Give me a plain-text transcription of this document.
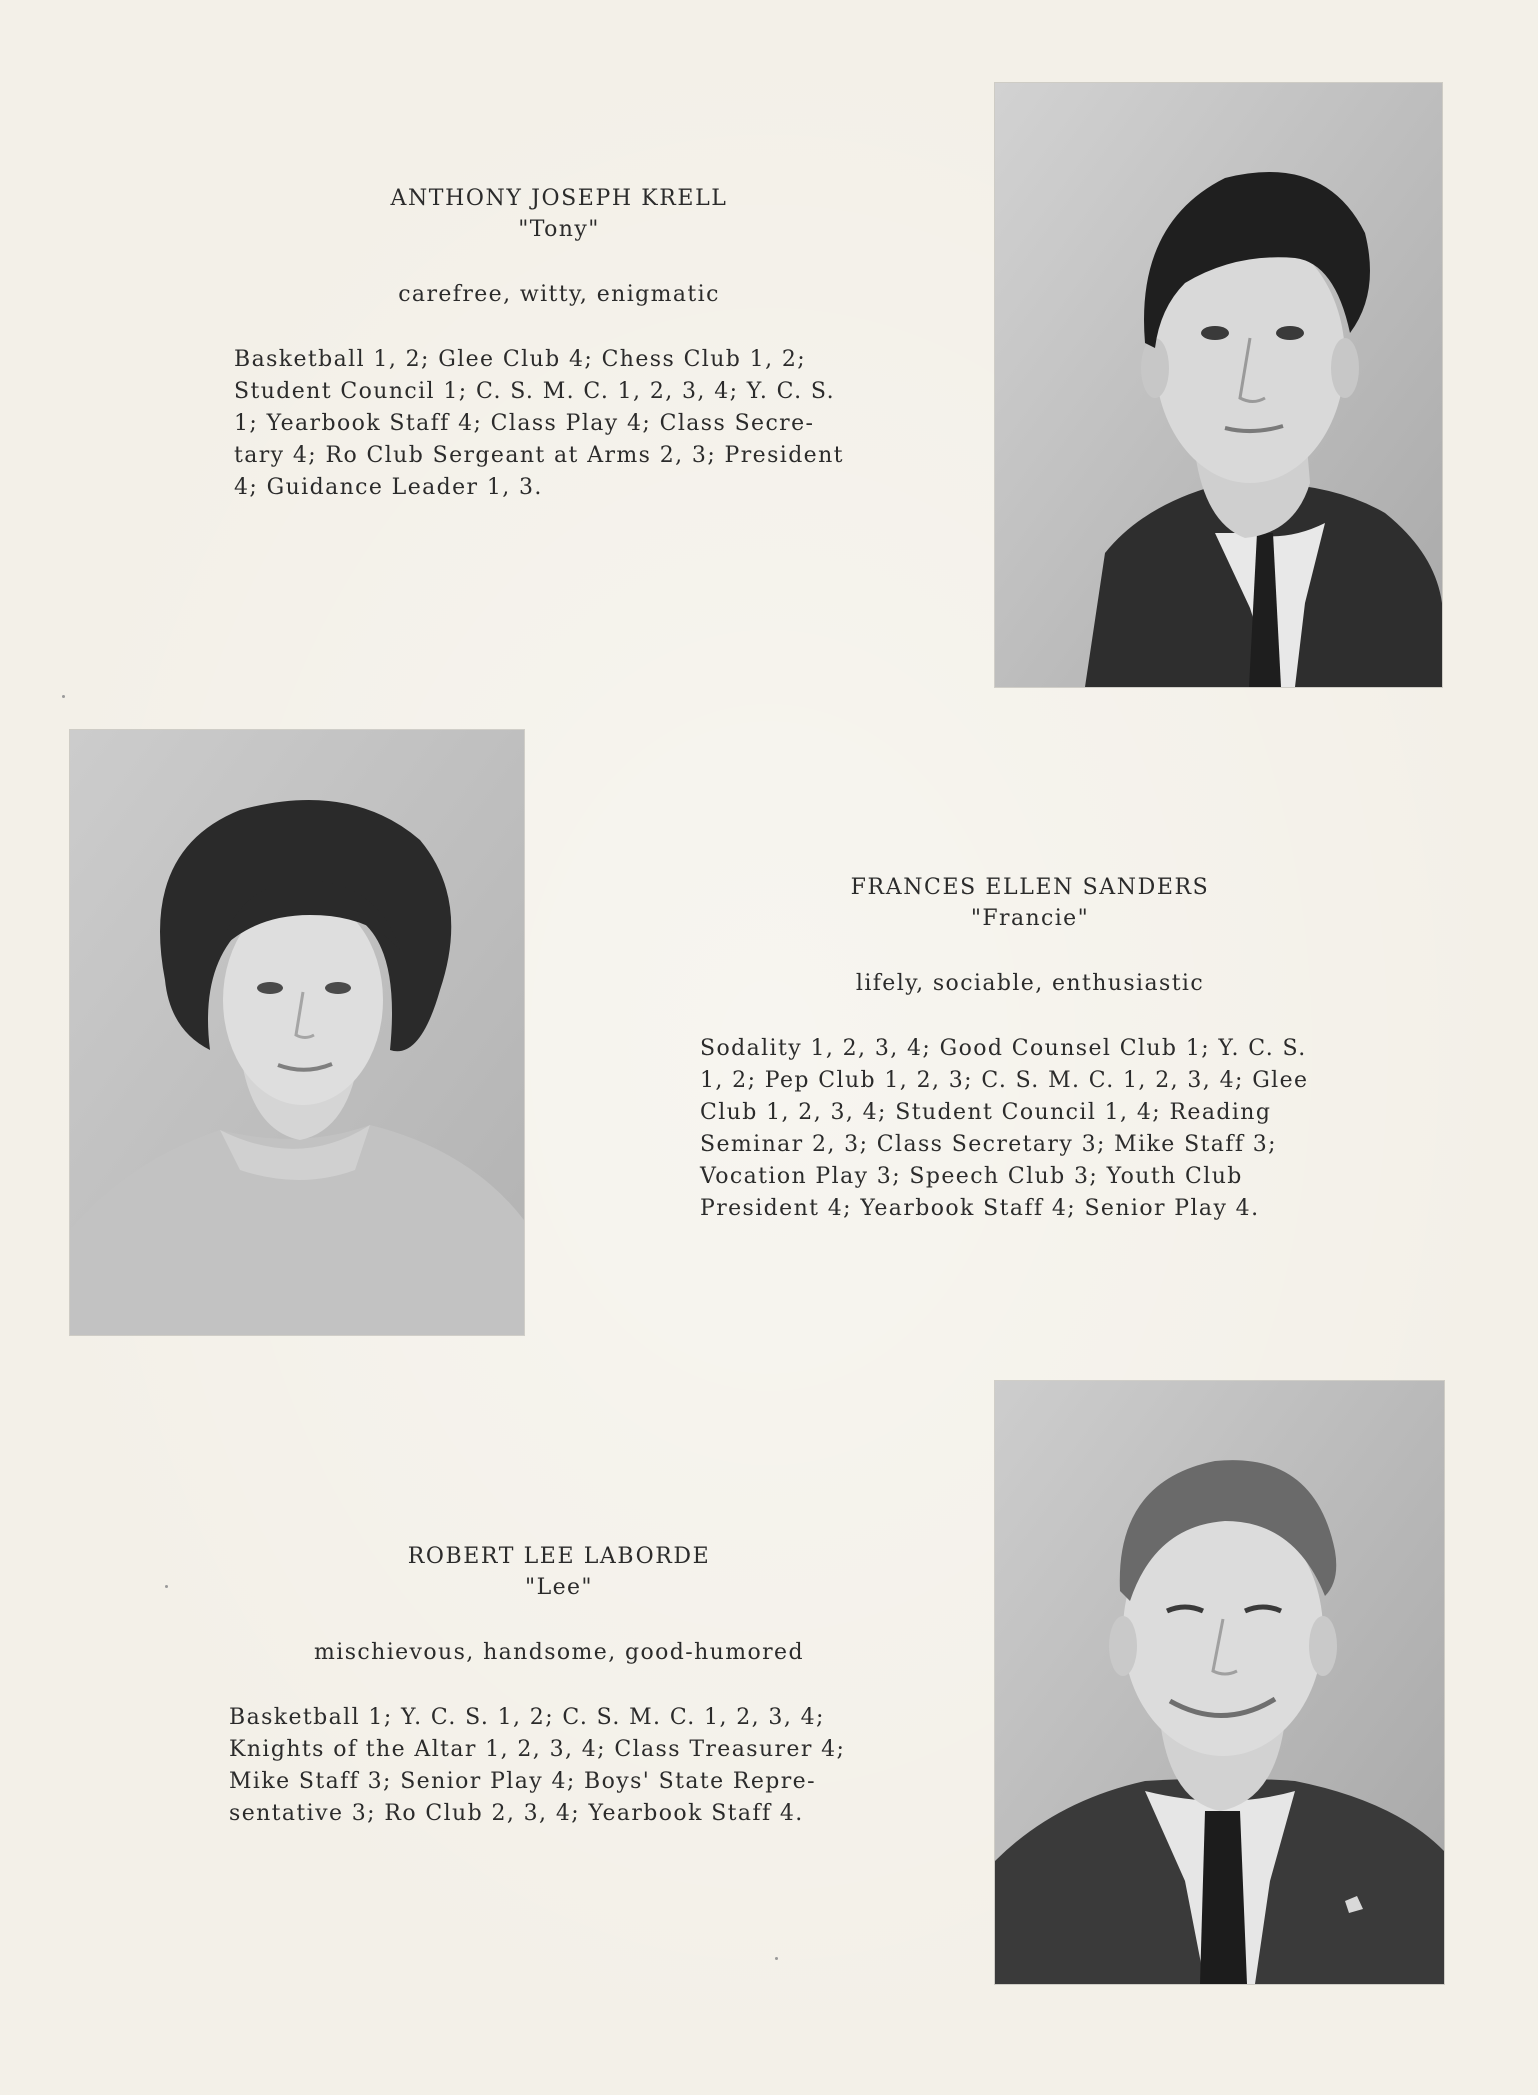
ANTHONY JOSEPH KRELL

"Tony"

carefree, witty, enigmatic

Basketball 1, 2; Glee Club 4; Chess Club 1, 2;
Student Council 1; C. S. M. C. 1, 2, 3, 4; Y. C. S.
1; Yearbook Staff 4; Class Play 4; Class Secre-
tary 4; Ro Club Sergeant at Arms 2, 3; President
4; Guidance Leader 1, 3.

FRANCES ELLEN SANDERS

"Francie"

lifely, sociable, enthusiastic

Sodality 1, 2, 3, 4; Good Counsel Club 1; Y. C. S.
1, 2; Pep Club 1, 2, 3; C. S. M. C. 1, 2, 3, 4; Glee
Club 1, 2, 3, 4; Student Council 1, 4; Reading
Seminar 2, 3; Class Secretary 3; Mike Staff 3;
Vocation Play 3; Speech Club 3; Youth Club
President 4; Yearbook Staff 4; Senior Play 4.

ROBERT LEE LABORDE

"Lee"

mischievous, handsome, good-humored

Basketball 1; Y. C. S. 1, 2; C. S. M. C. 1, 2, 3, 4;
Knights of the Altar 1, 2, 3, 4; Class Treasurer 4;
Mike Staff 3; Senior Play 4; Boys' State Repre-
sentative 3; Ro Club 2, 3, 4; Yearbook Staff 4.
